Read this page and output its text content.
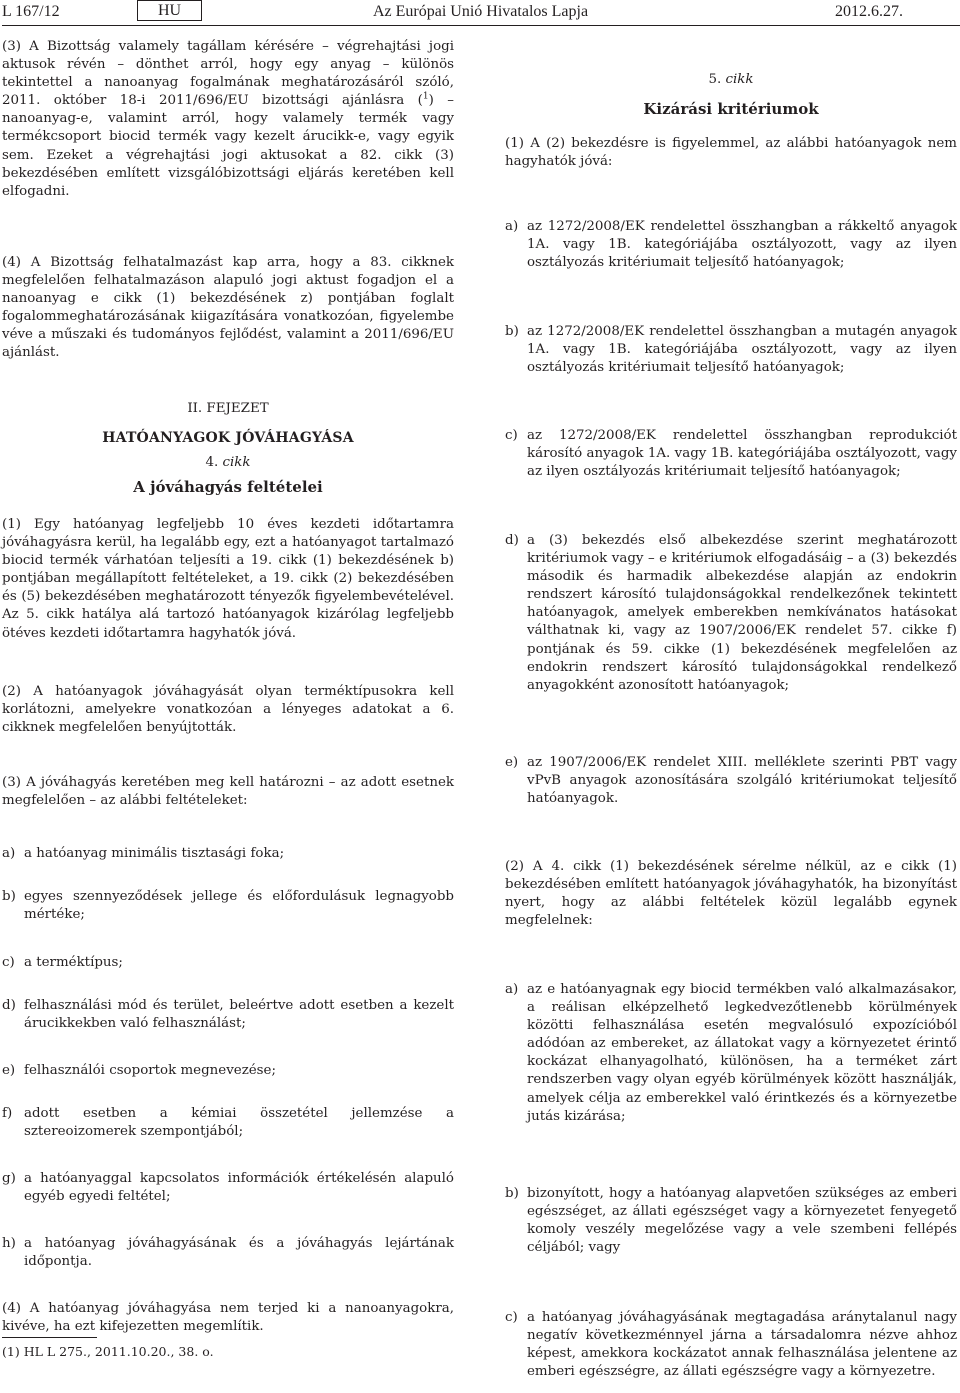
L 167/12	HU	Az Európai Unió Hivatalos Lapja	2012.6.27.
(3) A Bizottság valamely tagállam kérésére – végrehajtási jogi aktusok révén – dönthet arról, hogy egy anyag – különös tekintettel a nanoanyag fogalmának meghatározásáról szóló, 2011. október 18-i 2011/696/EU bizottsági ajánlásra ($^1$) – nanoanyag-e, valamint arról, hogy valamely termék vagy termékcsoport biocid termék vagy kezelt árucikk-e, vagy egyik sem. Ezeket a végrehajtási jogi aktusokat a 82. cikk (3) bekezdésében említett vizsgálóbizottsági eljárás keretében kell elfogadni.
(4) A Bizottság felhatalmazást kap arra, hogy a 83. cikknek megfelelően felhatalmazáson alapuló jogi aktust fogadjon el a nanoanyag e cikk (1) bekezdésének z) pontjában foglalt fogalommeghatározásának kiigazítására vonatkozóan, figyelembe véve a műszaki és tudományos fejlődést, valamint a 2011/696/EU ajánlást.
II. FEJEZET
HATÓANYAGOK JÓVÁHAGYÁSA
4. cikk
A jóváhagyás feltételei
(1) Egy hatóanyag legfeljebb 10 éves kezdeti időtartamra jóváhagyásra kerül, ha legalább egy, ezt a hatóanyagot tartalmazó biocid termék várhatóan teljesíti a 19. cikk (1) bekezdésének b) pontjában megállapított feltételeket, a 19. cikk (2) bekezdésében és (5) bekezdésében meghatározott tényezők figyelembevételével. Az 5. cikk hatálya alá tartozó hatóanyagok kizárólag legfeljebb ötéves kezdeti időtartamra hagyhatók jóvá.
(2) A hatóanyagok jóváhagyását olyan terméktípusokra kell korlátozni, amelyekre vonatkozóan a lényeges adatokat a 6. cikknek megfelelően benyújtották.
(3) A jóváhagyás keretében meg kell határozni – az adott esetnek megfelelően – az alábbi feltételeket:
a) a hatóanyag minimális tisztasági foka;
b) egyes szennyeződések jellege és előfordulásuk legnagyobb mértéke;
c) a terméktípus;
d) felhasználási mód és terület, beleértve adott esetben a kezelt árucikkekben való felhasználást;
e) felhasználói csoportok megnevezése;
f) adott esetben a kémiai összetétel jellemzése a sztereoizomerek szempontjából;
g) a hatóanyaggal kapcsolatos információk értékelésén alapuló egyéb egyedi feltétel;
h) a hatóanyag jóváhagyásának és a jóváhagyás lejártának időpontja.
(4) A hatóanyag jóváhagyása nem terjed ki a nanoanyagokra, kivéve, ha ezt kifejezetten megemlítik.
(1) HL L 275., 2011.10.20., 38. o.
5. cikk
Kizárási kritériumok
(1) A (2) bekezdésre is figyelemmel, az alábbi hatóanyagok nem hagyhatók jóvá:
a) az 1272/2008/EK rendelettel összhangban a rákkeltő anyagok 1A. vagy 1B. kategóriájába osztályozott, vagy az ilyen osztályozás kritériumait teljesítő hatóanyagok;
b) az 1272/2008/EK rendelettel összhangban a mutagén anyagok 1A. vagy 1B. kategóriájába osztályozott, vagy az ilyen osztályozás kritériumait teljesítő hatóanyagok;
c) az 1272/2008/EK rendelettel összhangban reprodukciót károsító anyagok 1A. vagy 1B. kategóriájába osztályozott, vagy az ilyen osztályozás kritériumait teljesítő hatóanyagok;
d) a (3) bekezdés első albekezdése szerint meghatározott kritériumok vagy – e kritériumok elfogadásáig – a (3) bekezdés második és harmadik albekezdése alapján az endokrin rendszert károsító tulajdonságokkal rendelkezőnek tekintett hatóanyagok, amelyek emberekben nemkívánatos hatásokat válthatnak ki, vagy az 1907/2006/EK rendelet 57. cikke f) pontjának és 59. cikke (1) bekezdésének megfelelően az endokrin rendszert károsító tulajdonságokkal rendelkező anyagokként azonosított hatóanyagok;
e) az 1907/2006/EK rendelet XIII. melléklete szerinti PBT vagy vPvB anyagok azonosítására szolgáló kritériumokat teljesítő hatóanyagok.
(2) A 4. cikk (1) bekezdésének sérelme nélkül, az e cikk (1) bekezdésében említett hatóanyagok jóváhagyhatók, ha bizonyítást nyert, hogy az alábbi feltételek közül legalább egynek megfelelnek:
a) az e hatóanyagnak egy biocid termékben való alkalmazásakor, a reálisan elképzelhető legkedvezőtlenebb körülmények közötti felhasználása esetén megvalósuló expozícióból adódóan az embereket, az állatokat vagy a környezetet érintő kockázat elhanyagolható, különösen, ha a terméket zárt rendszerben vagy olyan egyéb körülmények között használják, amelyek célja az emberekkel való érintkezés és a környezetbe jutás kizárása;
b) bizonyított, hogy a hatóanyag alapvetően szükséges az emberi egészséget, az állati egészséget vagy a környezetet fenyegető komoly veszély megelőzése vagy a vele szembeni fellépés céljából; vagy
c) a hatóanyag jóváhagyásának megtagadása aránytalanul nagy negatív következménnyel járna a társadalomra nézve ahhoz képest, amekkora kockázatot annak felhasználása jelentene az emberi egészségre, az állati egészségre vagy a környezetre.
